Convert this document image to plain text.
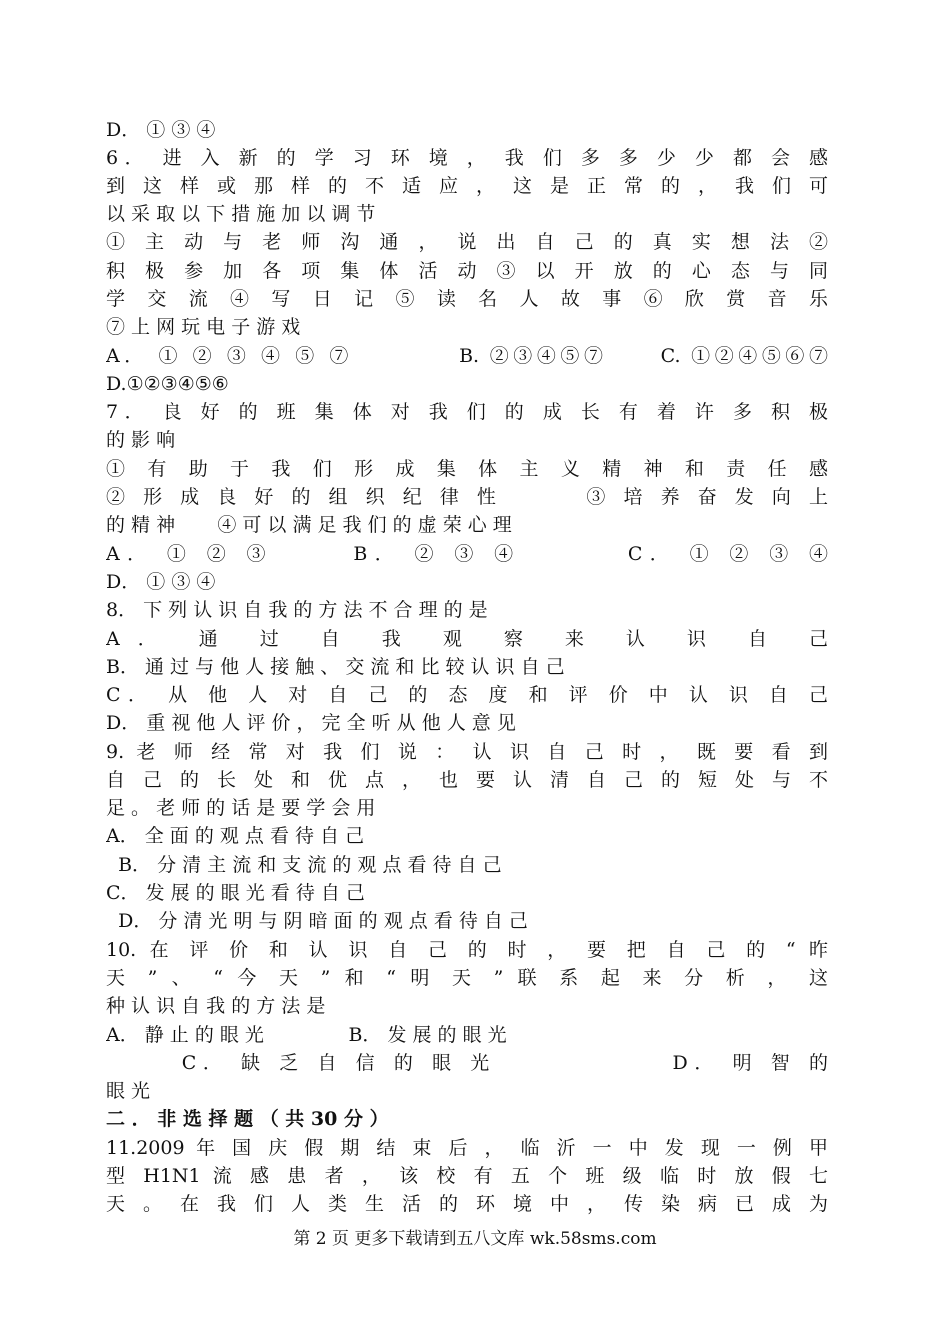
D． ① ③ ④
6． 进 入 新 的 学 习 环 境 ， 我 们 多 多 少 少 都 会 感
到 这 样 或 那 样 的 不 适 应 ， 这 是 正 常 的 ， 我 们 可
以 采 取 以 下 措 施 加 以 调 节
① 主 动 与 老 师 沟 通 ， 说 出 自 己 的 真 实 想 法 ②
积 极 参 加 各 项 集 体 活 动 ③ 以 开 放 的 心 态 与 同
学 交 流 ④ 写 日 记 ⑤ 读 名 人 故 事 ⑥ 欣 赏 音 乐
⑦ 上 网 玩 电 子 游 戏
A． ① ② ③ ④ ⑤ ⑦          B. ②③④⑤⑦     C. ①②④⑤⑥⑦
D.①②③④⑤⑥
7． 良 好 的 班 集 体 对 我 们 的 成 长 有 着 许 多 积 极
的 影 响
① 有 助 于 我 们 形 成 集 体 主 义 精 神 和 责 任 感
② 形 成 良 好 的 组 织 纪 律 性       ③ 培 养 奋 发 向 上
的 精 神       ④ 可 以 满 足 我 们 的 虚 荣 心 理
A． ① ② ③      B． ② ③ ④        C． ① ② ③ ④
D． ① ③ ④
8． 下 列 认 识 自 我 的 方 法 不 合 理 的 是
A． 通 过 自 我 观 察 来 认 识 自 己
B． 通 过 与 他 人 接 触 、 交 流 和 比 较 认 识 自 己
C． 从 他 人 对 自 己 的 态 度 和 评 价 中 认 识 自 己
D． 重 视 他 人 评 价 ， 完 全 听 从 他 人 意 见
9. 老 师 经 常 对 我 们 说 ： 认 识 自 己 时 ， 既 要 看 到
自 己 的 长 处 和 优 点 ， 也 要 认 清 自 己 的 短 处 与 不
足 。 老 师 的 话 是 要 学 会 用
A． 全 面 的 观 点 看 待 自 己
B． 分 清 主 流 和 支 流 的 观 点 看 待 自 己
C． 发 展 的 眼 光 看 待 自 己
D． 分 清 光 明 与 阴 暗 面 的 观 点 看 待 自 己
10. 在 评 价 和 认 识 自 己 的 时 ， 要 把 自 己 的 “ 昨
天 ” 、 “ 今 天 ” 和 “ 明 天 ” 联 系 起 来 分 析 ， 这
种 认 识 自 我 的 方 法 是
A． 静 止 的 眼 光              B． 发 展 的 眼 光
C． 缺 乏 自 信 的 眼 光              D． 明 智 的
眼 光
二 ． 非 选 择 题 （ 共 30 分 ）
11.2009 年 国 庆 假 期 结 束 后 ， 临 沂 一 中 发 现 一 例 甲
型 H1N1 流 感 患 者 ， 该 校 有 五 个 班 级 临 时 放 假 七
天 。 在 我 们 人 类 生 活 的 环 境 中 ， 传 染 病 已 成 为
第 2 页 更多下载请到五八文库 wk.58sms.com
